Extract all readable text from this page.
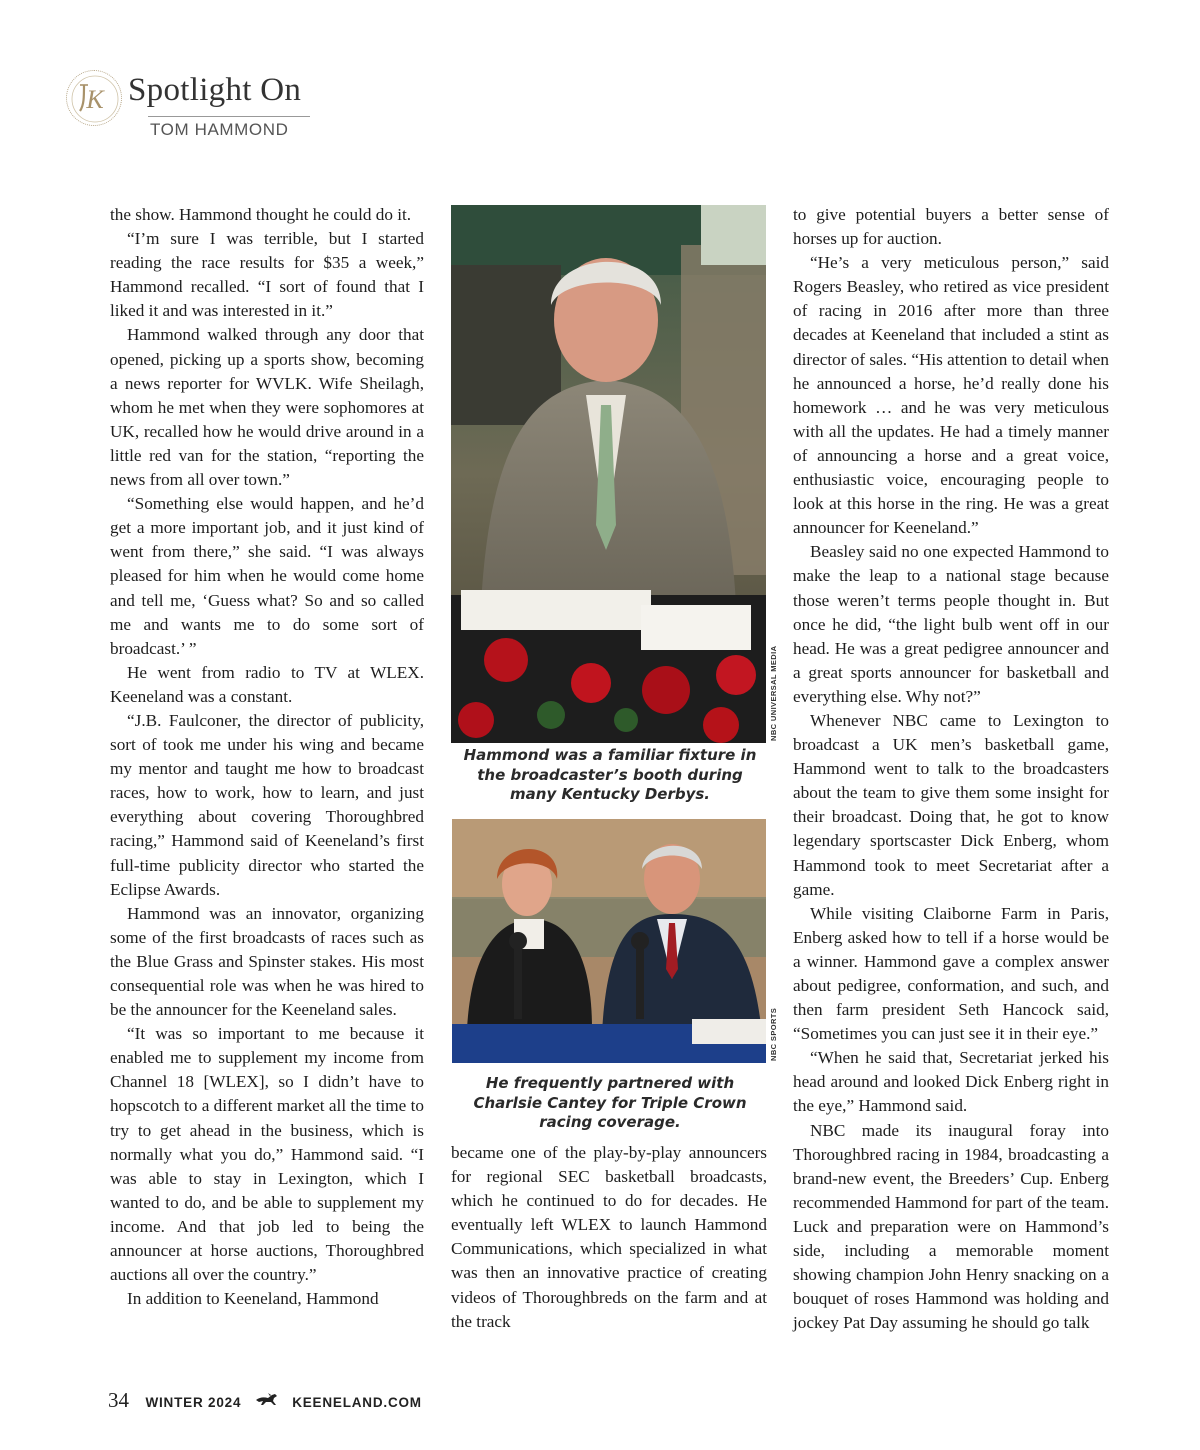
K Spotlight On
TOM HAMMOND

the show. Hammond thought he could do it.

“I’m sure I was terrible, but I started reading the race results for $35 a week,” Hammond recalled. “I sort of found that I liked it and was interested in it.”

Hammond walked through any door that opened, picking up a sports show, becoming a news reporter for WVLK. Wife Sheilagh, whom he met when they were sophomores at UK, recalled how he would drive around in a little red van for the station, “reporting the news from all over town.”

“Something else would happen, and he’d get a more important job, and it just kind of went from there,” she said. “I was always pleased for him when he would come home and tell me, ‘Guess what? So and so called me and wants me to do some sort of broadcast.’ ”

He went from radio to TV at WLEX. Keeneland was a constant.

“J.B. Faulconer, the director of publicity, sort of took me under his wing and became my mentor and taught me how to broadcast races, how to work, how to learn, and just everything about covering Thoroughbred racing,” Hammond said of Keeneland’s first full-time publicity director who started the Eclipse Awards.

Hammond was an innovator, organizing some of the first broadcasts of races such as the Blue Grass and Spinster stakes. His most consequential role was when he was hired to be the announcer for the Keeneland sales.

“It was so important to me because it enabled me to supplement my income from Channel 18 [WLEX], so I didn’t have to hopscotch to a different market all the time to try to get ahead in the business, which is normally what you do,” Hammond said. “I was able to stay in Lexington, which I wanted to do, and be able to supplement my income. And that job led to being the announcer at horse auctions, Thoroughbred auctions all over the country.”

In addition to Keeneland, Hammond

NBC UNIVERSAL MEDIA
Hammond was a familiar fixture in the broadcaster’s booth during many Kentucky Derbys.
NBC SPORTS
He frequently partnered with Charlsie Cantey for Triple Crown racing coverage.

became one of the play-by-play announcers for regional SEC basketball broadcasts, which he continued to do for decades. He eventually left WLEX to launch Hammond Communications, which specialized in what was then an innovative practice of creating videos of Thoroughbreds on the farm and at the track

to give potential buyers a better sense of horses up for auction.

“He’s a very meticulous person,” said Rogers Beasley, who retired as vice president of racing in 2016 after more than three decades at Keeneland that included a stint as director of sales. “His attention to detail when he announced a horse, he’d really done his homework … and he was very meticulous with all the updates. He had a timely manner of announcing a horse and a great voice, enthusiastic voice, encouraging people to look at this horse in the ring. He was a great announcer for Keeneland.”

Beasley said no one expected Hammond to make the leap to a national stage because those weren’t terms people thought in. But once he did, “the light bulb went off in our head. He was a great pedigree announcer and a great sports announcer for basketball and everything else. Why not?”

Whenever NBC came to Lexington to broadcast a UK men’s basketball game, Hammond went to talk to the broadcasters about the team to give them some insight for their broadcast. Doing that, he got to know legendary sportscaster Dick Enberg, whom Hammond took to meet Secretariat after a game.

While visiting Claiborne Farm in Paris, Enberg asked how to tell if a horse would be a winner. Hammond gave a complex answer about pedigree, conformation, and such, and then farm president Seth Hancock said, “Sometimes you can just see it in their eye.”

“When he said that, Secretariat jerked his head around and looked Dick Enberg right in the eye,” Hammond said.

NBC made its inaugural foray into Thoroughbred racing in 1984, broadcasting a brand-new event, the Breeders’ Cup. Enberg recommended Hammond for part of the team. Luck and preparation were on Hammond’s side, including a memorable moment showing champion John Henry snacking on a bouquet of roses Hammond was holding and jockey Pat Day assuming he should go talk

34 WINTER 2024	KEENELAND.COM
